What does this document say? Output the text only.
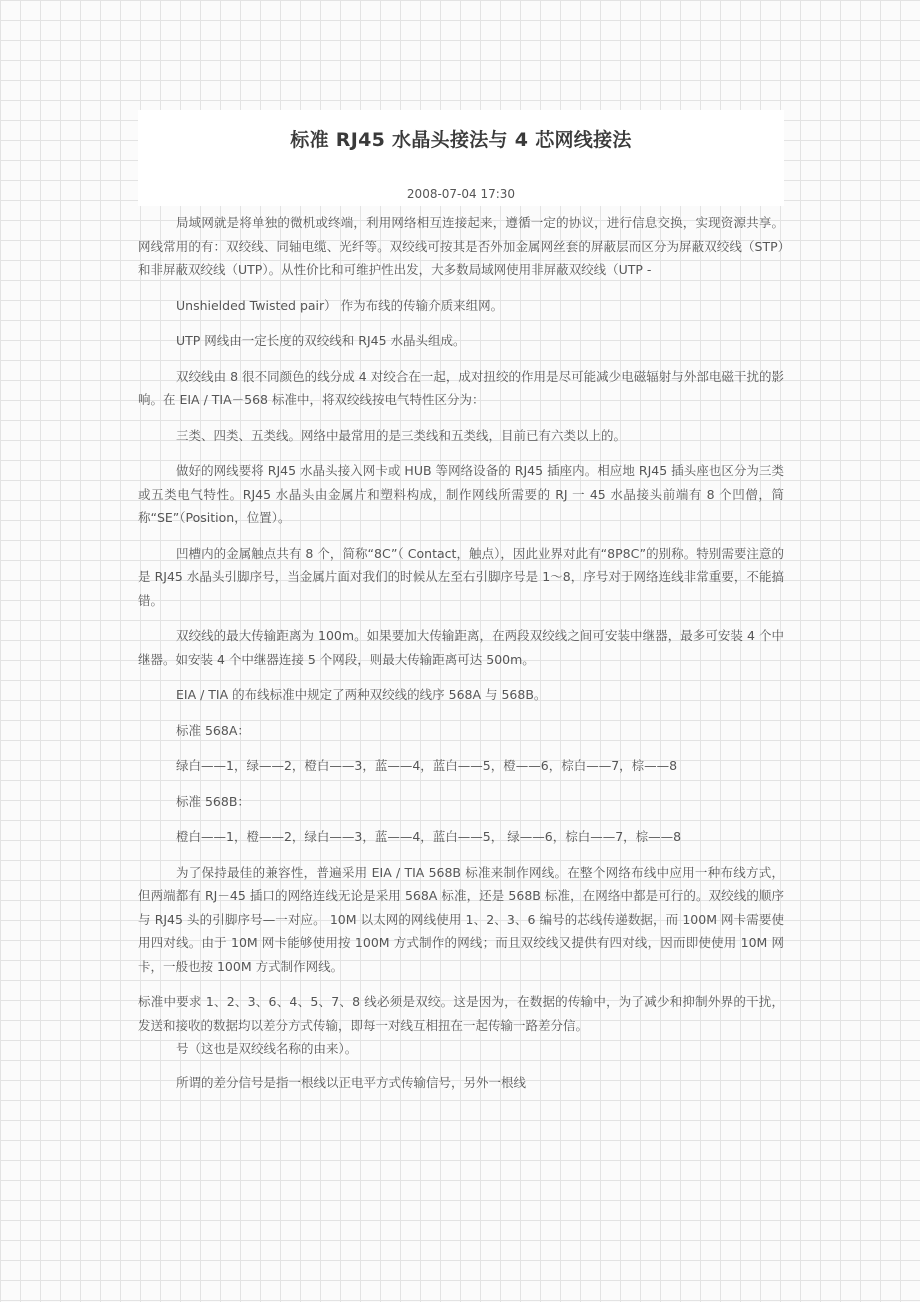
标准 RJ45 水晶头接法与 4 芯网线接法
2008-07-04 17:30

局域网就是将单独的微机或终端，利用网络相互连接起来，遵循一定的协议，进行信息交换，实现资源共享。网线常用的有：双绞线、同轴电缆、光纤等。双绞线可按其是否外加金属网丝套的屏蔽层而区分为屏蔽双绞线（STP）和非屏蔽双绞线（UTP）。从性价比和可维护性出发，大多数局域网使用非屏蔽双绞线（UTP -

Unshielded Twisted pair） 作为布线的传输介质来组网。

UTP 网线由一定长度的双绞线和 RJ45 水晶头组成。

双绞线由 8 很不同颜色的线分成 4 对绞合在一起，成对扭绞的作用是尽可能减少电磁辐射与外部电磁干扰的影响。在 EIA / TIA－568 标准中，将双绞线按电气特性区分为：

三类、四类、五类线。网络中最常用的是三类线和五类线，目前已有六类以上的。

做好的网线要将 RJ45 水晶头接入网卡或 HUB 等网络设备的 RJ45 插座内。相应地 RJ45 插头座也区分为三类或五类电气特性。RJ45 水晶头由金属片和塑料构成，制作网线所需要的 RJ 一 45 水晶接头前端有 8 个凹僧，简称“SE”（Position，位置）。

凹槽内的金属触点共有 8 个，简称“8C”（ Contact，触点），因此业界对此有“8P8C”的别称。特别需要注意的是 RJ45 水晶头引脚序号，当金属片面对我们的时候从左至右引脚序号是 1～8，序号对于网络连线非常重要，不能搞错。

双绞线的最大传输距离为 100m。如果要加大传输距离，在两段双绞线之间可安装中继器，最多可安装 4 个中继器。如安装 4 个中继器连接 5 个网段，则最大传输距离可达 500m。

EIA / TIA 的布线标准中规定了两种双绞线的线序 568A 与 568B。

标准 568A：

绿白——1，绿——2，橙白——3，蓝——4，蓝白——5，橙——6，棕白——7，棕——8

标准 568B：

橙白——1，橙——2，绿白——3，蓝——4，蓝白——5， 绿——6，棕白——7，棕——8

为了保持最佳的兼容性，普遍采用 EIA / TIA 568B 标准来制作网线。在整个网络布线中应用一种布线方式，但两端都有 RJ－45 插口的网络连线无论是采用 568A 标准，还是 568B 标准，在网络中都是可行的。双绞线的顺序与 RJ45 头的引脚序号—一对应。 10M 以太网的网线使用 1、2、3、6 编号的芯线传递数据，而 100M 网卡需要使用四对线。由于 10M 网卡能够使用按 100M 方式制作的网线；而且双绞线又提供有四对线，因而即使使用 10M 网卡，一般也按 100M 方式制作网线。

标准中要求 1、2、3、6、4、5、7、8 线必须是双绞。这是因为，在数据的传输中，为了减少和抑制外界的干扰，发送和接收的数据均以差分方式传输，即每一对线互相扭在一起传输一路差分信。
号（这也是双绞线名称的由来）。

所谓的差分信号是指一根线以正电平方式传输信号，另外一根线
